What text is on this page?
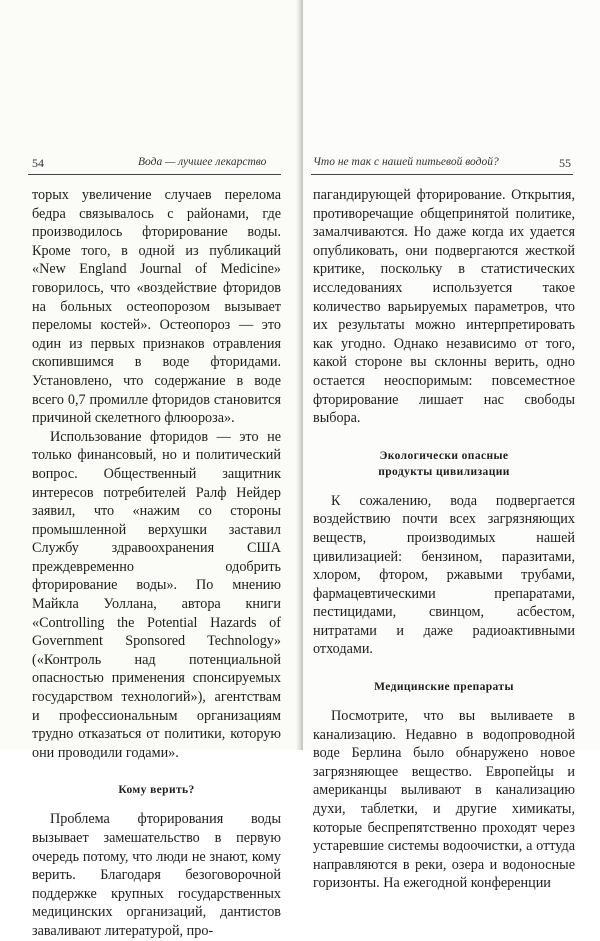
54	Вода — лучшее лекарство

торых увеличение случаев перелома бедра связывалось с районами, где производилось фторирование воды. Кроме того, в одной из публикаций «New England Journal of Medicine» говорилось, что «воздействие фторидов на больных остеопорозом вызывает переломы костей». Остеопороз — это один из первых признаков отравления скопившимся в воде фторидами. Установлено, что содержание в воде всего 0,7 промилле фторидов становится причиной скелетного флюороза».

Использование фторидов — это не только финансовый, но и политический вопрос. Общественный защитник интересов потребителей Ралф Нейдер заявил, что «нажим со стороны промышленной верхушки заставил Службу здравоохранения США преждевременно одобрить фторирование воды». По мнению Майкла Уоллана, автора книги «Controlling the Potential Hazards of Government Sponsored Technology» («Контроль над потенциальной опасностью применения спонсируемых государством технологий»), агентствам и профессиональным организациям трудно отказаться от политики, которую они проводили годами».

Кому верить?

Проблема фторирования воды вызывает замешательство в первую очередь потому, что люди не знают, кому верить. Благодаря безоговорочной поддержке крупных государственных медицинских организаций, дантистов заваливают литературой, про-

Что не так с нашей питьевой водой?	55

пагандирующей фторирование. Открытия, противоречащие общепринятой политике, замалчиваются. Но даже когда их удается опубликовать, они подвергаются жесткой критике, поскольку в статистических исследованиях используется такое количество варьируемых параметров, что их результаты можно интерпретировать как угодно. Однако независимо от того, какой стороне вы склонны верить, одно остается неоспоримым: повсеместное фторирование лишает нас свободы выбора.

Экологически опасные

продукты цивилизации

К сожалению, вода подвергается воздействию почти всех загрязняющих веществ, производимых нашей цивилизацией: бензином, паразитами, хлором, фтором, ржавыми трубами, фармацевтическими препаратами, пестицидами, свинцом, асбестом, нитратами и даже радиоактивными отходами.

Медицинские препараты

Посмотрите, что вы выливаете в канализацию. Недавно в водопроводной воде Берлина было обнаружено новое загрязняющее вещество. Европейцы и американцы выливают в канализацию духи, таблетки, и другие химикаты, которые беспрепятственно проходят через устаревшие системы водоочистки, а оттуда направляются в реки, озера и водоносные горизонты. На ежегодной конференции
